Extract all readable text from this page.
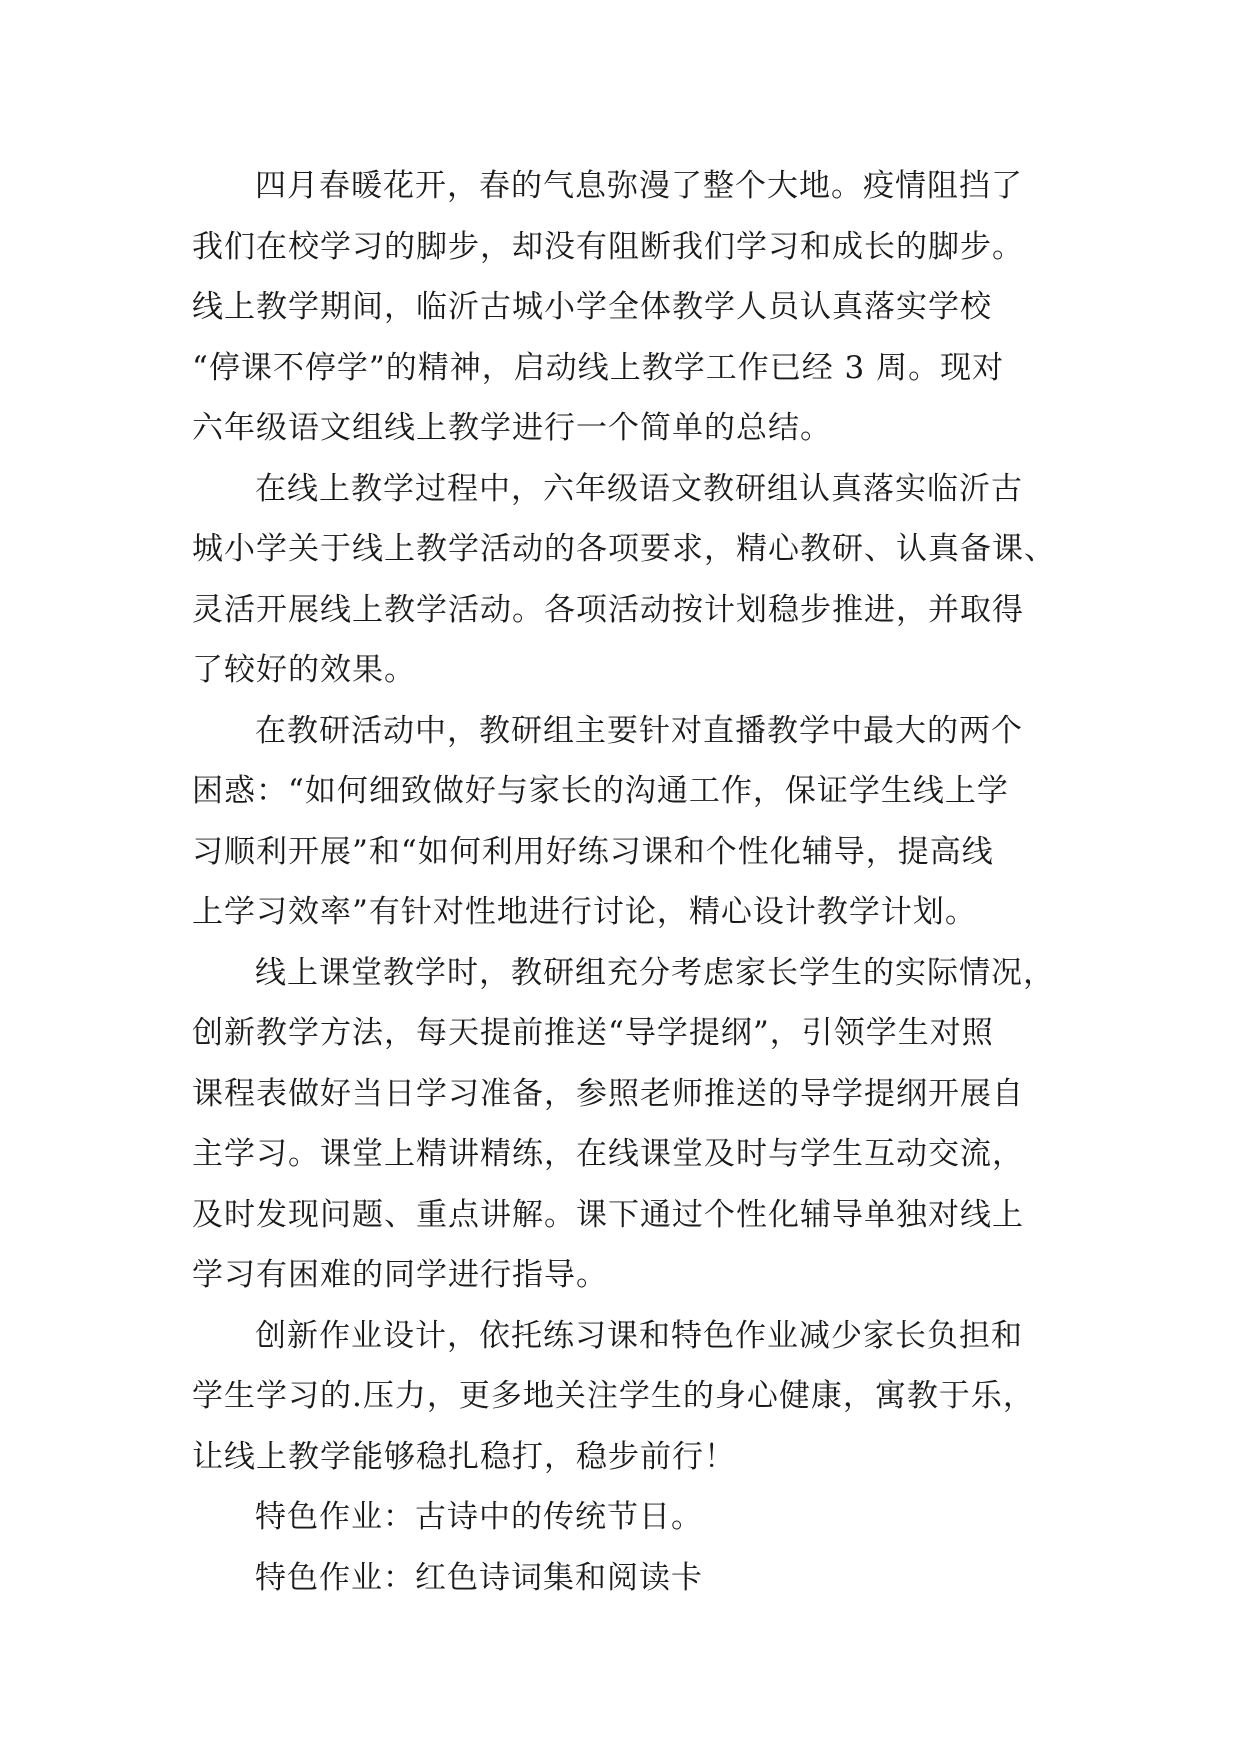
四月春暖花开，春的气息弥漫了整个大地。疫情阻挡了
我们在校学习的脚步，却没有阻断我们学习和成长的脚步。
线上教学期间，临沂古城小学全体教学人员认真落实学校
“停课不停学”的精神，启动线上教学工作已经 3 周。现对
六年级语文组线上教学进行一个简单的总结。
在线上教学过程中，六年级语文教研组认真落实临沂古
城小学关于线上教学活动的各项要求，精心教研、认真备课、
灵活开展线上教学活动。各项活动按计划稳步推进，并取得
了较好的效果。
在教研活动中，教研组主要针对直播教学中最大的两个
困惑：“如何细致做好与家长的沟通工作，保证学生线上学
习顺利开展”和“如何利用好练习课和个性化辅导，提高线
上学习效率”有针对性地进行讨论，精心设计教学计划。
线上课堂教学时，教研组充分考虑家长学生的实际情况，
创新教学方法，每天提前推送“导学提纲”，引领学生对照
课程表做好当日学习准备，参照老师推送的导学提纲开展自
主学习。课堂上精讲精练，在线课堂及时与学生互动交流，
及时发现问题、重点讲解。课下通过个性化辅导单独对线上
学习有困难的同学进行指导。
创新作业设计，依托练习课和特色作业减少家长负担和
学生学习的.压力，更多地关注学生的身心健康，寓教于乐，
让线上教学能够稳扎稳打，稳步前行！
特色作业：古诗中的传统节日。
特色作业：红色诗词集和阅读卡
